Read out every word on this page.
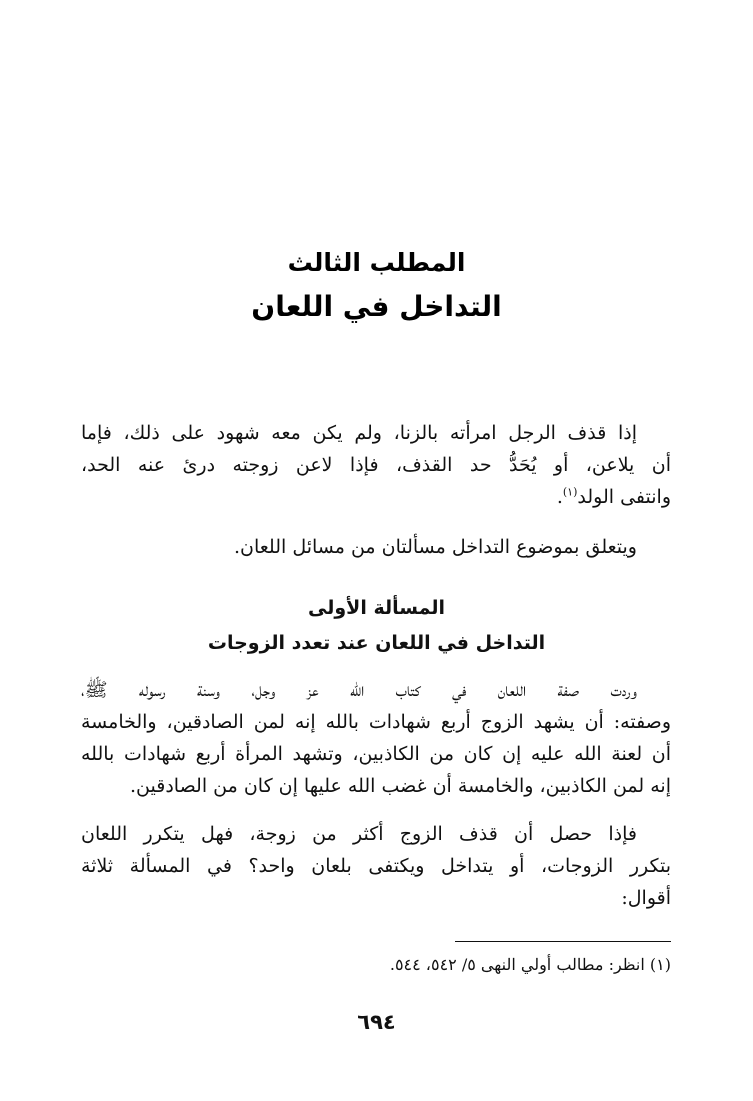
المطلب الثالث
التداخل في اللعان
إذا قذف الرجل امرأته بالزنا، ولم يكن معه شهود على ذلك، فإما
أن يلاعن، أو يُحَدُّ حد القذف، فإذا لاعن زوجته درئ عنه الحد،
وانتفى الولد$^{(١)}$.
ويتعلق بموضوع التداخل مسألتان من مسائل اللعان.
المسألة الأولى
التداخل في اللعان عند تعدد الزوجات
وردت صفة اللعان في كتاب الله عز وجل، وسنة رسوله ﷺ،
وصفته: أن يشهد الزوج أربع شهادات بالله إنه لمن الصادقين، والخامسة
أن لعنة الله عليه إن كان من الكاذبين، وتشهد المرأة أربع شهادات بالله
إنه لمن الكاذبين، والخامسة أن غضب الله عليها إن كان من الصادقين.
فإذا حصل أن قذف الزوج أكثر من زوجة، فهل يتكرر اللعان
بتكرر الزوجات، أو يتداخل ويكتفى بلعان واحد؟ في المسألة ثلاثة
أقوال:
(١) انظر: مطالب أولي النهى ٥/ ٥٤٢، ٥٤٤.
٦٩٤
